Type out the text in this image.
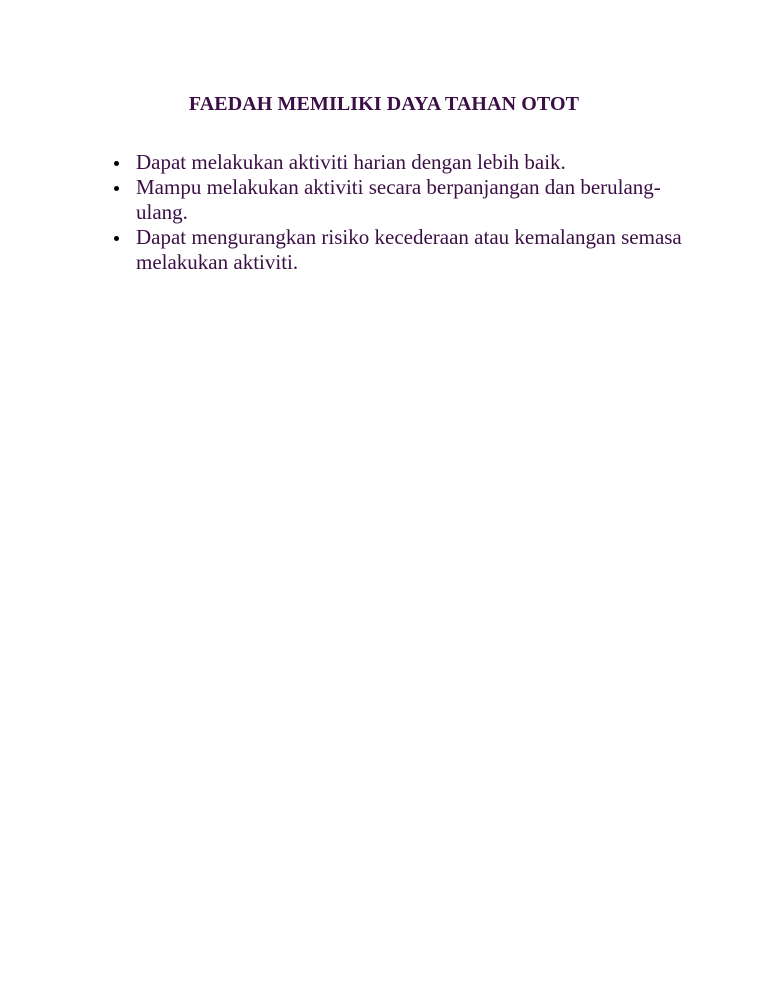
FAEDAH MEMILIKI DAYA TAHAN OTOT
Dapat melakukan aktiviti harian dengan lebih baik.
Mampu melakukan aktiviti secara berpanjangan dan berulang-ulang.
Dapat mengurangkan risiko kecederaan atau kemalangan semasa melakukan aktiviti.
